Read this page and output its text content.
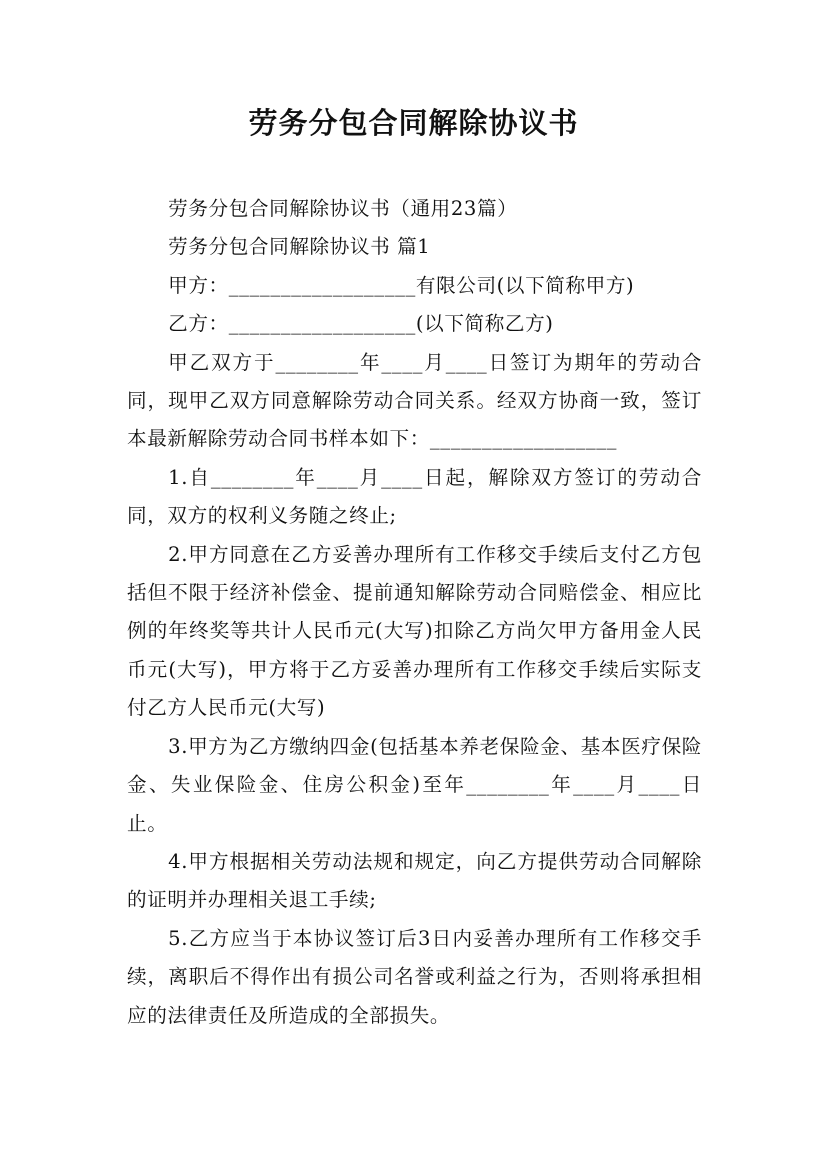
劳务分包合同解除协议书
劳务分包合同解除协议书（通用23篇）
劳务分包合同解除协议书 篇1
甲方：__________________有限公司(以下简称甲方)
乙方：__________________(以下简称乙方)

甲乙双方于________年____月____日签订为期年的劳动合同，现甲乙双方同意解除劳动合同关系。经双方协商一致，签订本最新解除劳动合同书样本如下：__________________

1.自________年____月____日起，解除双方签订的劳动合同，双方的权利义务随之终止;

2.甲方同意在乙方妥善办理所有工作移交手续后支付乙方包括但不限于经济补偿金、提前通知解除劳动合同赔偿金、相应比例的年终奖等共计人民币元(大写)扣除乙方尚欠甲方备用金人民币元(大写)，甲方将于乙方妥善办理所有工作移交手续后实际支付乙方人民币元(大写)

3.甲方为乙方缴纳四金(包括基本养老保险金、基本医疗保险金、失业保险金、住房公积金)至年________年____月____日止。

4.甲方根据相关劳动法规和规定，向乙方提供劳动合同解除的证明并办理相关退工手续;

5.乙方应当于本协议签订后3日内妥善办理所有工作移交手续，离职后不得作出有损公司名誉或利益之行为，否则将承担相应的法律责任及所造成的全部损失。
